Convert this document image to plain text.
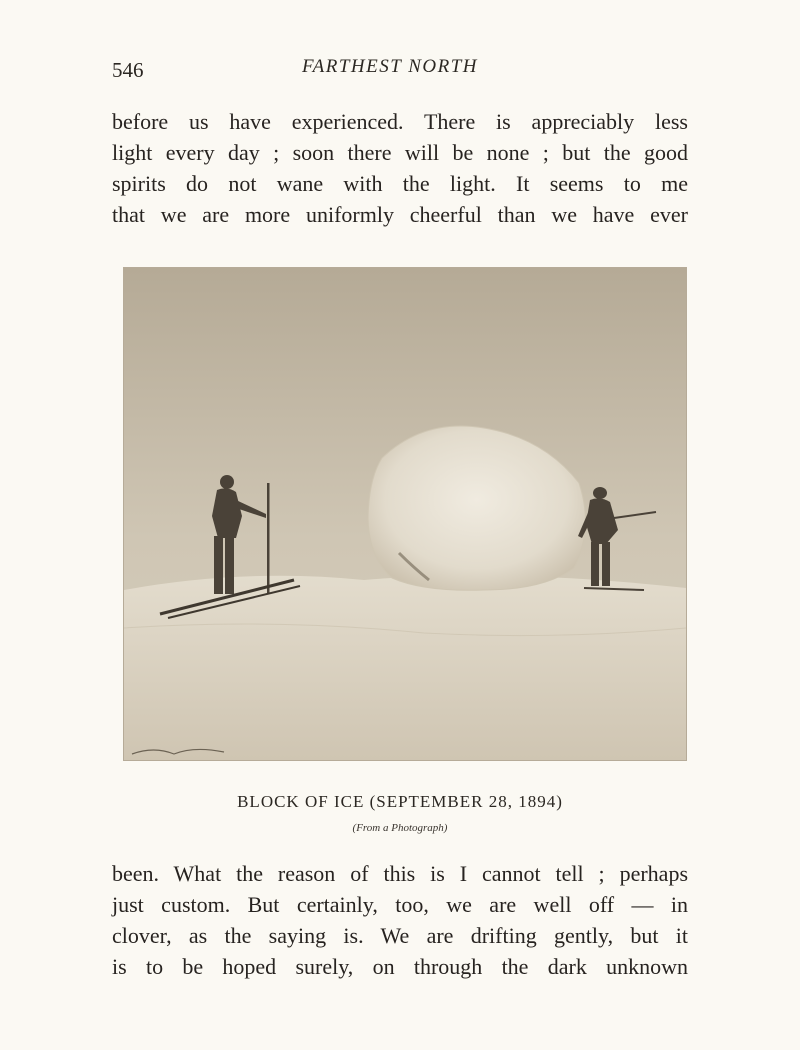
546	FARTHEST NORTH
before us have experienced. There is appreciably less
light every day ; soon there will be none ; but the good
spirits do not wane with the light. It seems to me
that we are more uniformly cheerful than we have ever
BLOCK OF ICE (SEPTEMBER 28, 1894)
(From a Photograph)
been. What the reason of this is I cannot tell ; perhaps
just custom. But certainly, too, we are well off — in
clover, as the saying is. We are drifting gently, but it
is to be hoped surely, on through the dark unknown
